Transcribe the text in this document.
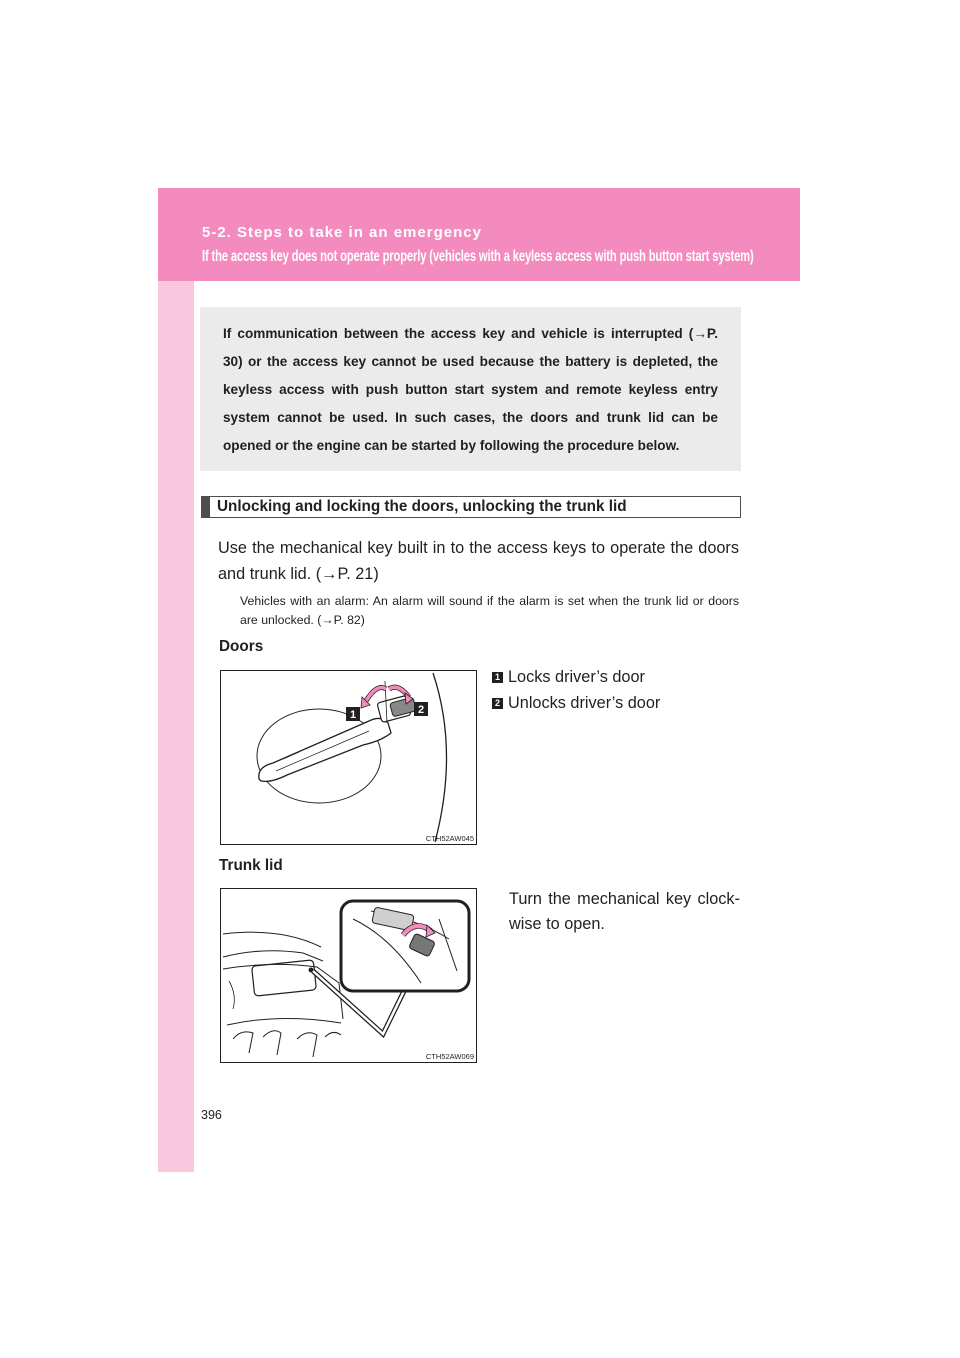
5-2. Steps to take in an emergency
If the access key does not operate properly (vehicles with a keyless access with push button start system)

If communication between the access key and vehicle is interrupted (→P. 30) or the access key cannot be used because the battery is depleted, the keyless access with push button start system and remote keyless entry system cannot be used. In such cases, the doors and trunk lid can be opened or the engine can be started by following the procedure below.

Unlocking and locking the doors, unlocking the trunk lid

Use the mechanical key built in to the access keys to operate the doors and trunk lid. (→P. 21)

Vehicles with an alarm: An alarm will sound if the alarm is set when the trunk lid or doors are unlocked. (→P. 82)

Doors
1	2
CTH52AW045
1 Locks driver’s door
2 Unlocks driver’s door
Trunk lid
CTH52AW069

Turn the mechanical key clock-wise to open.

396
